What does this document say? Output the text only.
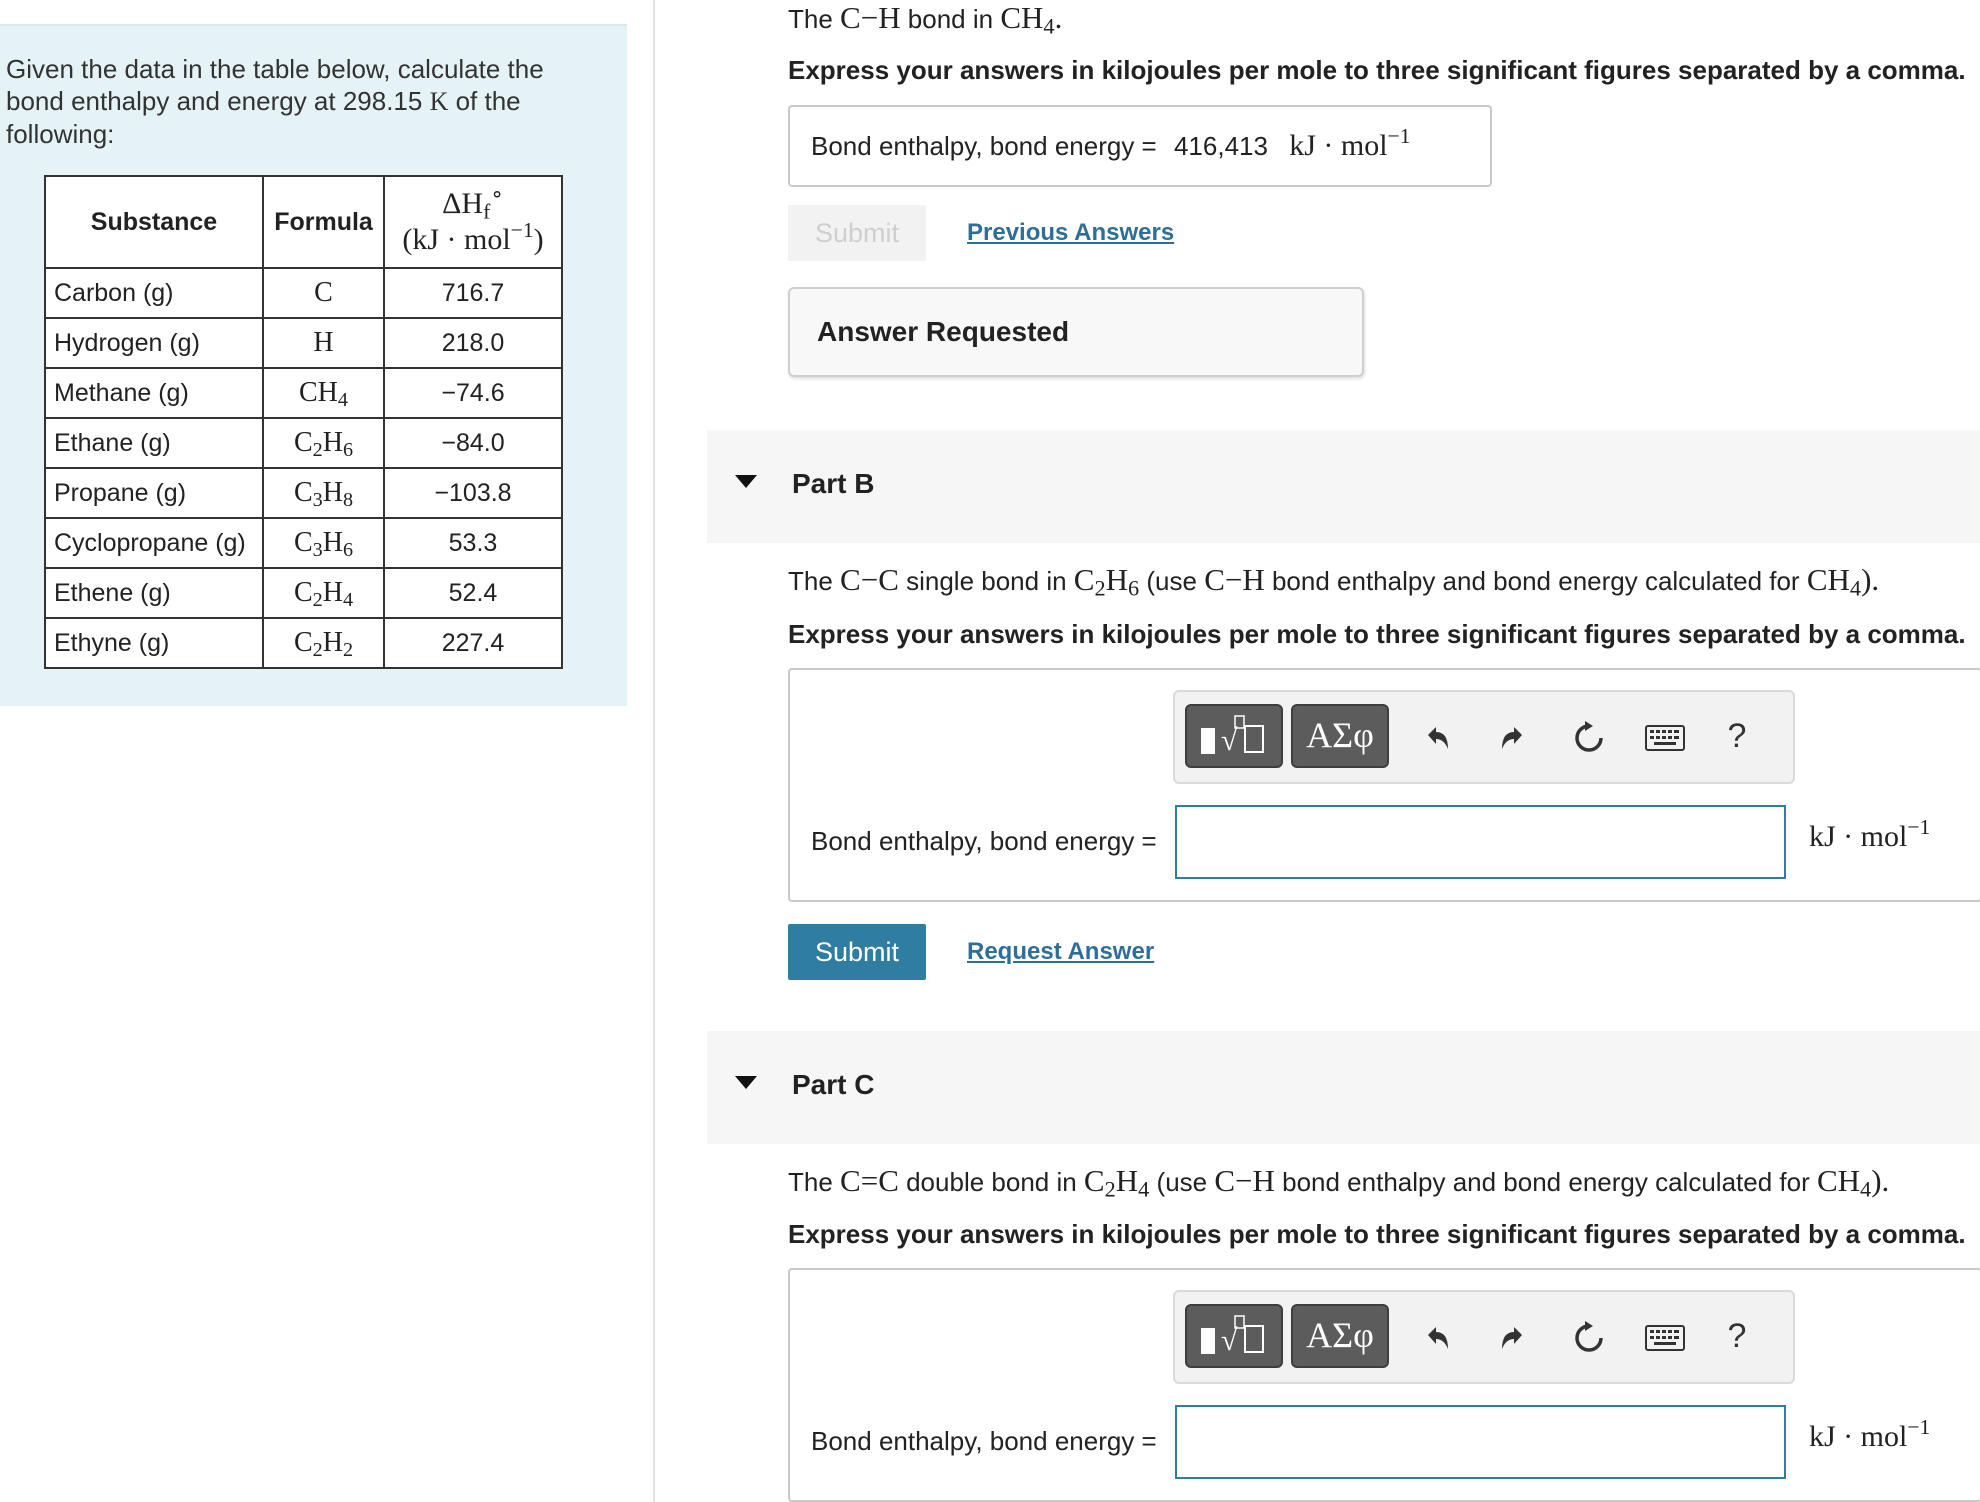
Given the data in the table below, calculate the bond enthalpy and energy at 298.15 K of the following:

Substance	Formula	$\Delta H_f^\circ$
(kJ · mol$^{-1}$)

Carbon (g)	C	716.7
Hydrogen (g)	H	218.0
Methane (g)	$CH_4$	−74.6
Ethane (g)	$C_2H_6$	−84.0
Propane (g)	$C_3H_8$	−103.8
Cyclopropane (g)	$C_3H_6$	53.3
Ethene (g)	$C_2H_4$	52.4
Ethyne (g)	$C_2H_2$	227.4
The C−H bond in $CH_4$.
Express your answers in kilojoules per mole to three significant figures separated by a comma.
Bond enthalpy, bond energy = 416,413 kJ · mol$^{-1}$
Submit	Previous Answers
Answer Requested
Part B
The C−C single bond in $C_2H_6$ (use C−H bond enthalpy and bond energy calculated for $CH_4$).
Express your answers in kilojoules per mole to three significant figures separated by a comma.
√	ΑΣφ	?
Bond enthalpy, bond energy =	kJ · mol$^{-1}$
Submit	Request Answer
Part C
The C=C double bond in $C_2H_4$ (use C−H bond enthalpy and bond energy calculated for $CH_4$).
Express your answers in kilojoules per mole to three significant figures separated by a comma.
√	ΑΣφ	?
Bond enthalpy, bond energy =	kJ · mol$^{-1}$
